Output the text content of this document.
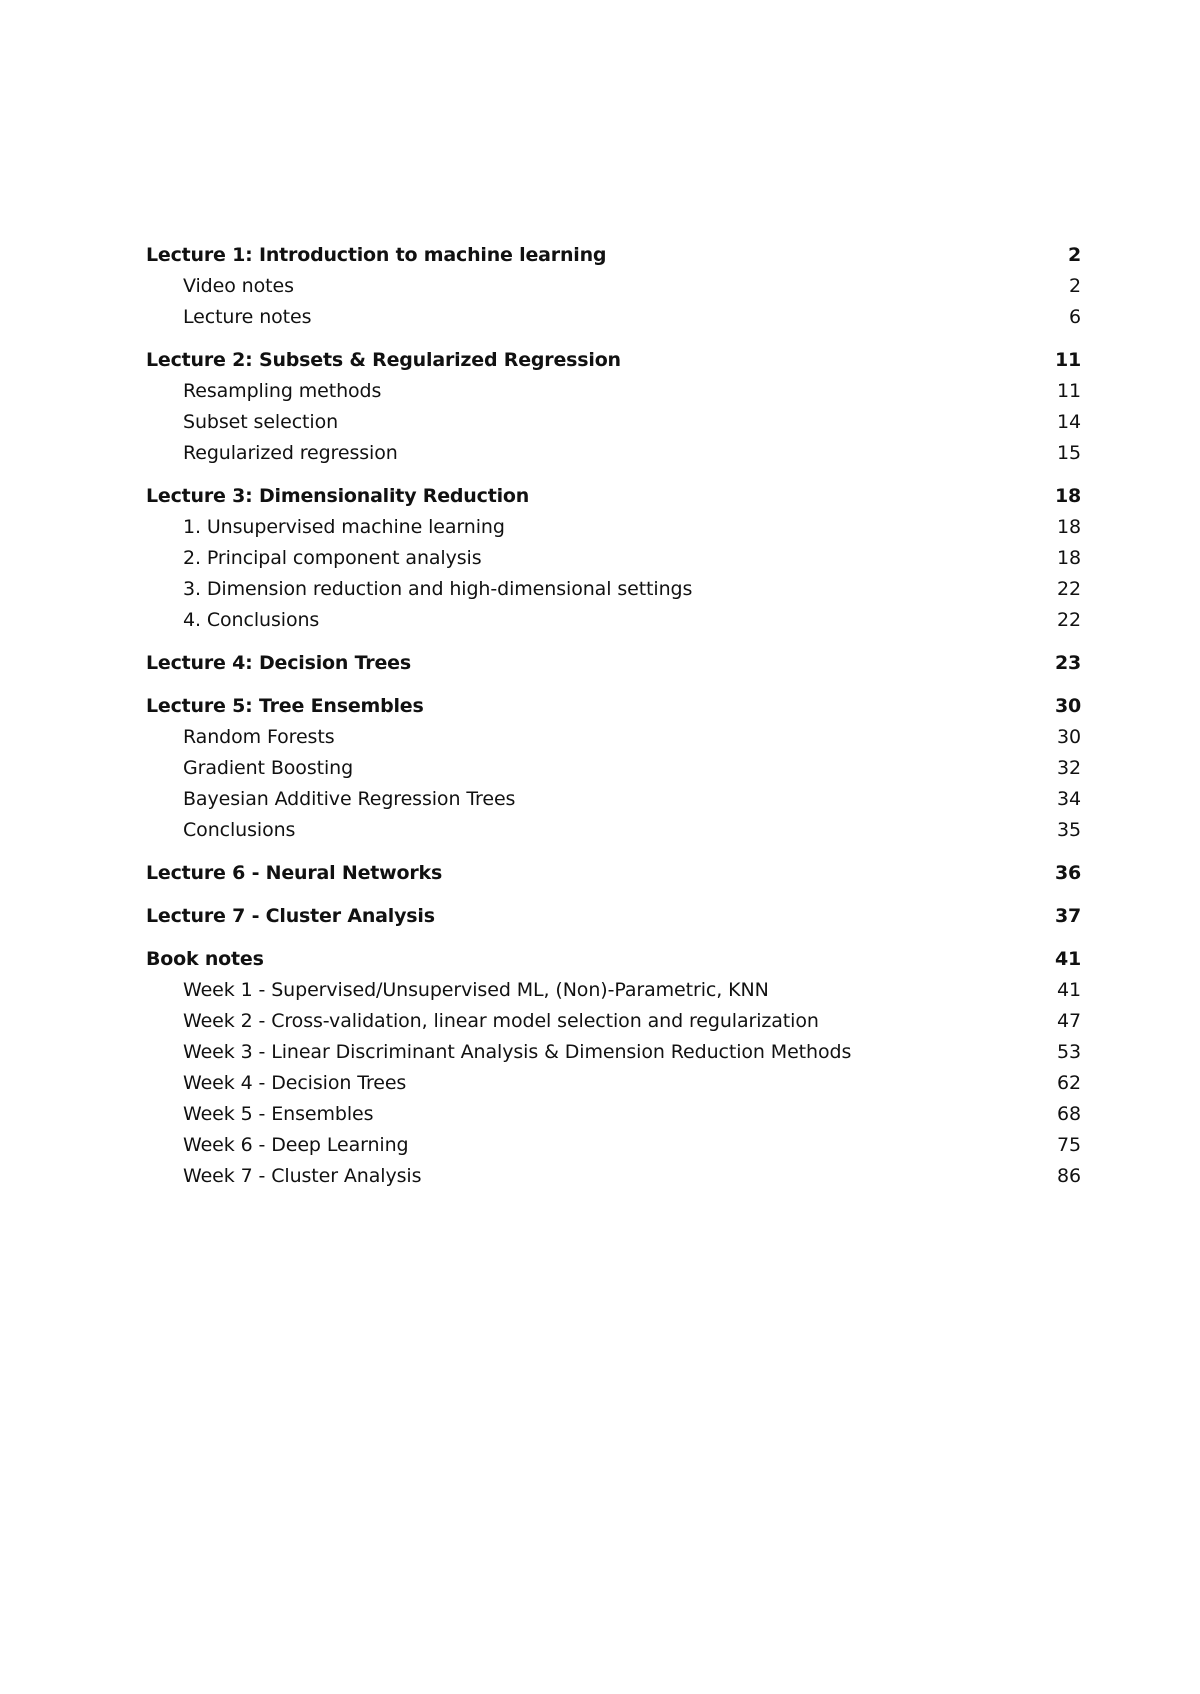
Lecture 1: Introduction to machine learning	2
Video notes	2
Lecture notes	6
Lecture 2: Subsets & Regularized Regression	11
Resampling methods	11
Subset selection	14
Regularized regression	15
Lecture 3: Dimensionality Reduction	18
1. Unsupervised machine learning	18
2. Principal component analysis	18
3. Dimension reduction and high-dimensional settings	22
4. Conclusions	22
Lecture 4: Decision Trees	23
Lecture 5: Tree Ensembles	30
Random Forests	30
Gradient Boosting	32
Bayesian Additive Regression Trees	34
Conclusions	35
Lecture 6 - Neural Networks	36
Lecture 7 - Cluster Analysis	37
Book notes	41
Week 1 - Supervised/Unsupervised ML, (Non)-Parametric, KNN	41
Week 2 - Cross-validation, linear model selection and regularization	47
Week 3 - Linear Discriminant Analysis & Dimension Reduction Methods	53
Week 4 - Decision Trees	62
Week 5 - Ensembles	68
Week 6 - Deep Learning	75
Week 7 - Cluster Analysis	86
